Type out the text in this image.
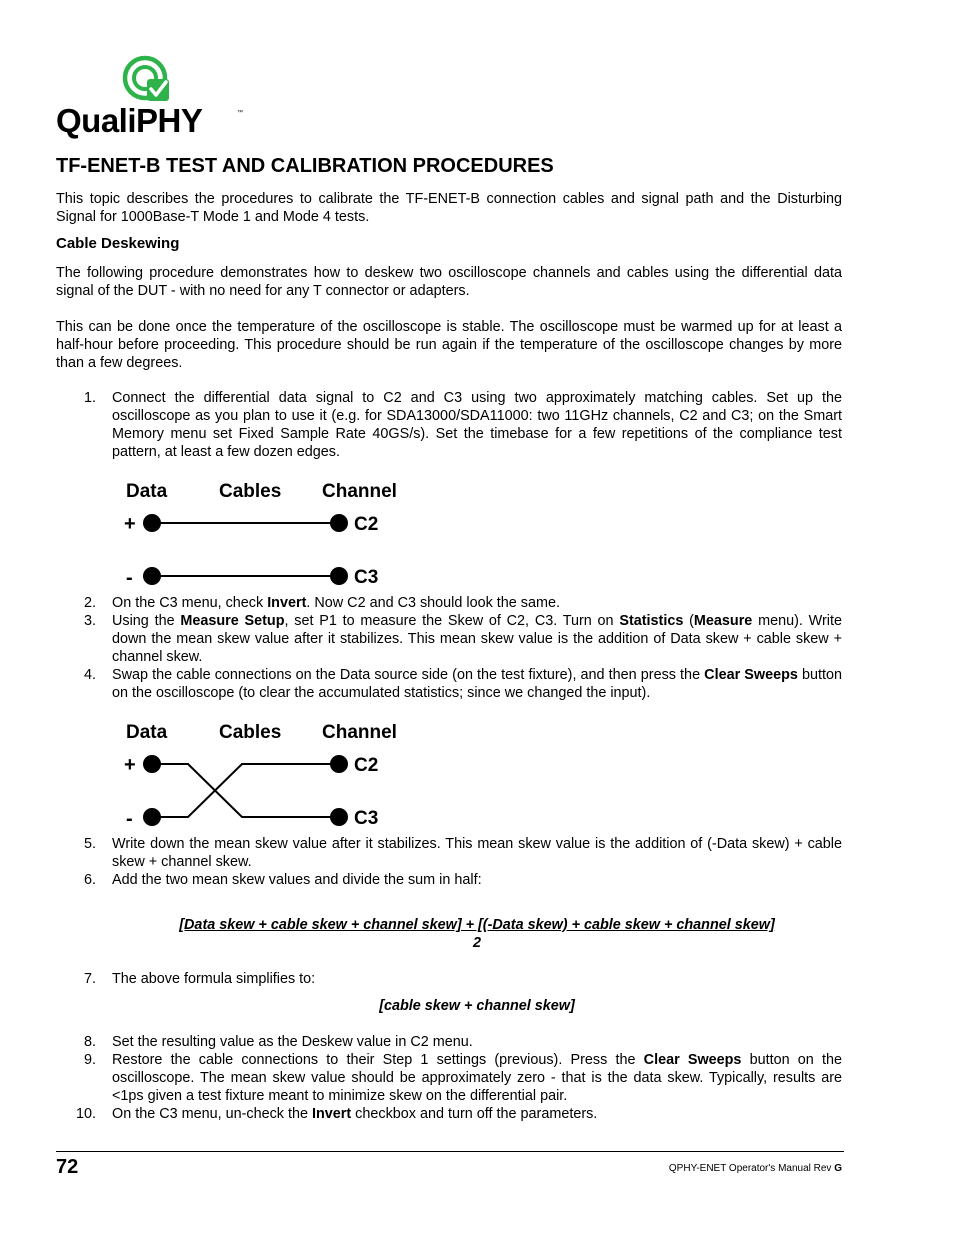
QualiPHY	™
TF-ENET-B TEST AND CALIBRATION PROCEDURES
This topic describes the procedures to calibrate the TF-ENET-B connection cables and signal path and the Disturbing Signal for 1000Base-T Mode 1 and Mode 4 tests.
Cable Deskewing
The following procedure demonstrates how to deskew two oscilloscope channels and cables using the differential data signal of the DUT - with no need for any T connector or adapters.
This can be done once the temperature of the oscilloscope is stable. The oscilloscope must be warmed up for at least a half-hour before proceeding. This procedure should be run again if the temperature of the oscilloscope changes by more than a few degrees.
1. Connect the differential data signal to C2 and C3 using two approximately matching cables. Set up the oscilloscope as you plan to use it (e.g. for SDA13000/SDA11000: two 11GHz channels, C2 and C3; on the Smart Memory menu set Fixed Sample Rate 40GS/s). Set the timebase for a few repetitions of the compliance test pattern, at least a few dozen edges.
Data	Cables Channel
+
-
C2
C3
2. On the C3 menu, check Invert. Now C2 and C3 should look the same.
3. Using the Measure Setup, set P1 to measure the Skew of C2, C3. Turn on Statistics (Measure menu). Write down the mean skew value after it stabilizes. This mean skew value is the addition of Data skew + cable skew + channel skew.
4. Swap the cable connections on the Data source side (on the test fixture), and then press the Clear Sweeps button on the oscilloscope (to clear the accumulated statistics; since we changed the input).
Data	Cables Channel
+
-
C2
C3
5. Write down the mean skew value after it stabilizes. This mean skew value is the addition of (-Data skew) + cable skew + channel skew.
6. Add the two mean skew values and divide the sum in half:
[Data skew + cable skew + channel skew] + [(-Data skew) + cable skew + channel skew]
2
7. The above formula simplifies to:
[cable skew + channel skew]
8. Set the resulting value as the Deskew value in C2 menu.
9. Restore the cable connections to their Step 1 settings (previous). Press the Clear Sweeps button on the oscilloscope. The mean skew value should be approximately zero - that is the data skew. Typically, results are <1ps given a test fixture meant to minimize skew on the differential pair.
10. On the C3 menu, un-check the Invert checkbox and turn off the parameters.
72	QPHY-ENET Operator's Manual Rev G
